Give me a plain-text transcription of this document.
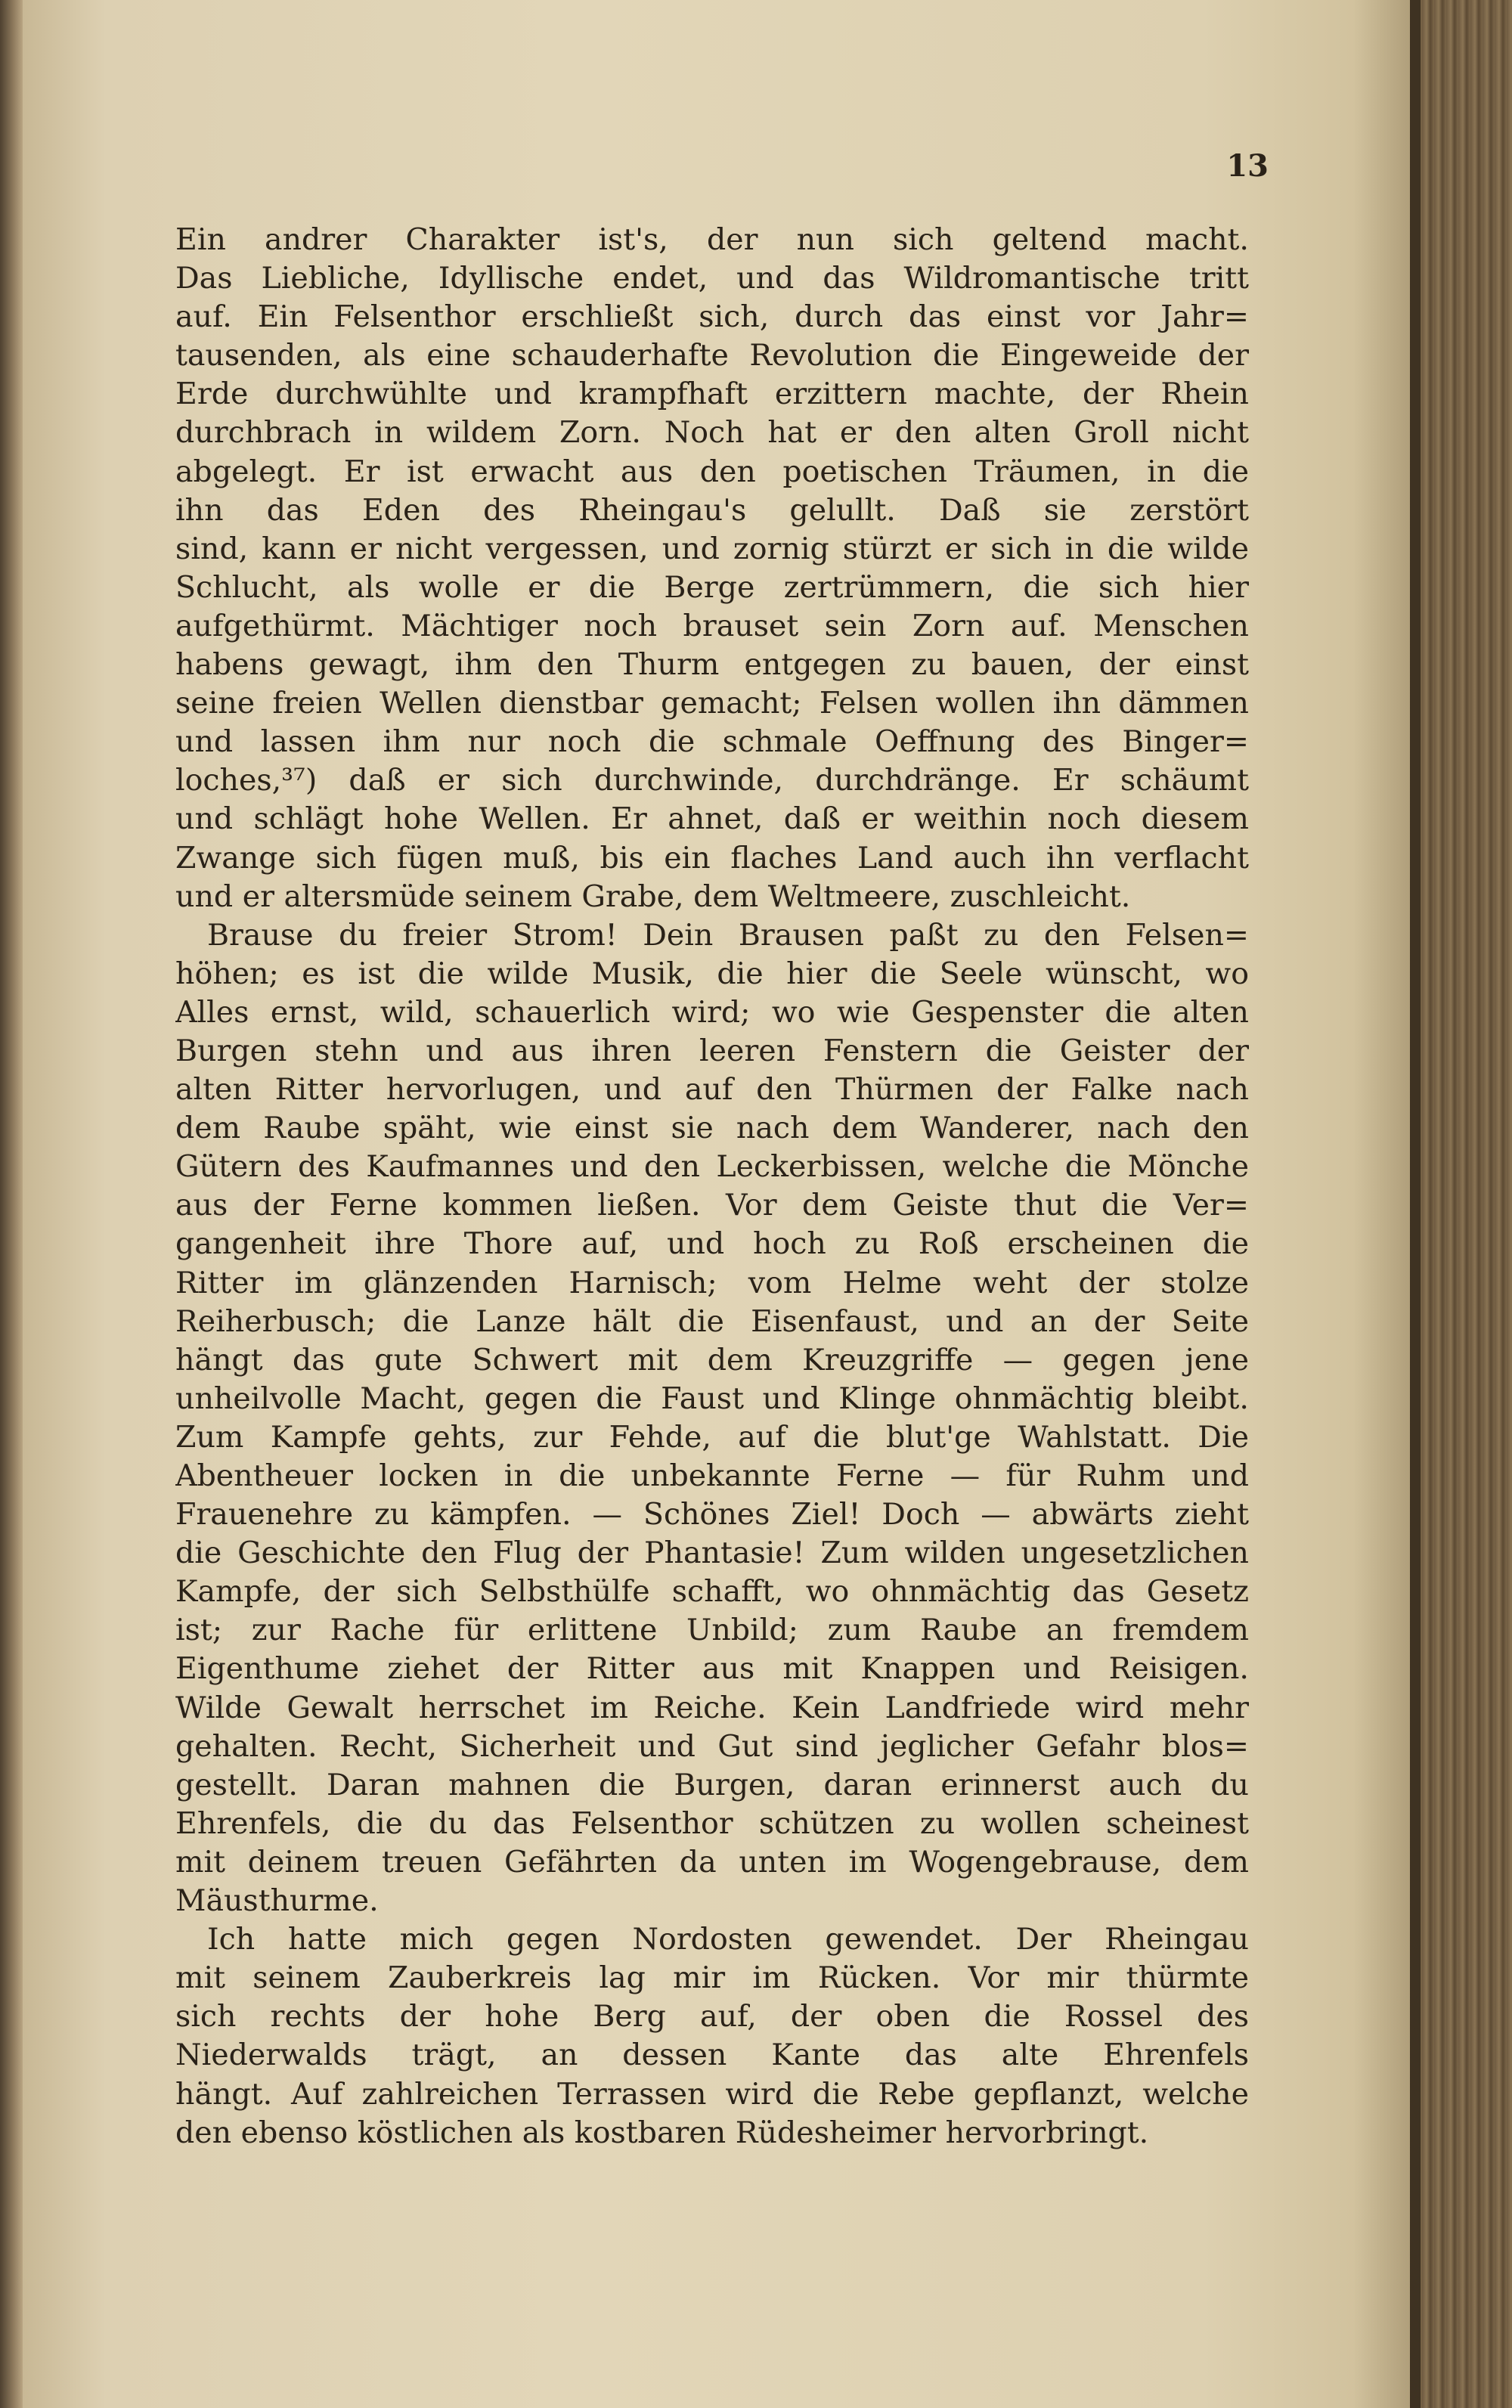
13
Ein andrer Charakter ist's, der nun sich geltend macht.
Das Liebliche, Idyllische endet, und das Wildromantische tritt
auf. Ein Felsenthor erschließt sich, durch das einst vor Jahr=
tausenden, als eine schauderhafte Revolution die Eingeweide der
Erde durchwühlte und krampfhaft erzittern machte, der Rhein
durchbrach in wildem Zorn. Noch hat er den alten Groll nicht
abgelegt. Er ist erwacht aus den poetischen Träumen, in die
ihn das Eden des Rheingau's gelullt. Daß sie zerstört
sind, kann er nicht vergessen, und zornig stürzt er sich in die wilde
Schlucht, als wolle er die Berge zertrümmern, die sich hier
aufgethürmt. Mächtiger noch brauset sein Zorn auf. Menschen
habens gewagt, ihm den Thurm entgegen zu bauen, der einst
seine freien Wellen dienstbar gemacht; Felsen wollen ihn dämmen
und lassen ihm nur noch die schmale Oeffnung des Binger=
loches,³⁷) daß er sich durchwinde, durchdränge. Er schäumt
und schlägt hohe Wellen. Er ahnet, daß er weithin noch diesem
Zwange sich fügen muß, bis ein flaches Land auch ihn verflacht
und er altersmüde seinem Grabe, dem Weltmeere, zuschleicht.
Brause du freier Strom! Dein Brausen paßt zu den Felsen=
höhen; es ist die wilde Musik, die hier die Seele wünscht, wo
Alles ernst, wild, schauerlich wird; wo wie Gespenster die alten
Burgen stehn und aus ihren leeren Fenstern die Geister der
alten Ritter hervorlugen, und auf den Thürmen der Falke nach
dem Raube späht, wie einst sie nach dem Wanderer, nach den
Gütern des Kaufmannes und den Leckerbissen, welche die Mönche
aus der Ferne kommen ließen. Vor dem Geiste thut die Ver=
gangenheit ihre Thore auf, und hoch zu Roß erscheinen die
Ritter im glänzenden Harnisch; vom Helme weht der stolze
Reiherbusch; die Lanze hält die Eisenfaust, und an der Seite
hängt das gute Schwert mit dem Kreuzgriffe — gegen jene
unheilvolle Macht, gegen die Faust und Klinge ohnmächtig bleibt.
Zum Kampfe gehts, zur Fehde, auf die blut'ge Wahlstatt. Die
Abentheuer locken in die unbekannte Ferne — für Ruhm und
Frauenehre zu kämpfen. — Schönes Ziel! Doch — abwärts zieht
die Geschichte den Flug der Phantasie! Zum wilden ungesetzlichen
Kampfe, der sich Selbsthülfe schafft, wo ohnmächtig das Gesetz
ist; zur Rache für erlittene Unbild; zum Raube an fremdem
Eigenthume ziehet der Ritter aus mit Knappen und Reisigen.
Wilde Gewalt herrschet im Reiche. Kein Landfriede wird mehr
gehalten. Recht, Sicherheit und Gut sind jeglicher Gefahr blos=
gestellt. Daran mahnen die Burgen, daran erinnerst auch du
Ehrenfels, die du das Felsenthor schützen zu wollen scheinest
mit deinem treuen Gefährten da unten im Wogengebrause, dem
Mäusthurme.
Ich hatte mich gegen Nordosten gewendet. Der Rheingau
mit seinem Zauberkreis lag mir im Rücken. Vor mir thürmte
sich rechts der hohe Berg auf, der oben die Rossel des
Niederwalds trägt, an dessen Kante das alte Ehrenfels
hängt. Auf zahlreichen Terrassen wird die Rebe gepflanzt, welche
den ebenso köstlichen als kostbaren Rüdesheimer hervorbringt.
